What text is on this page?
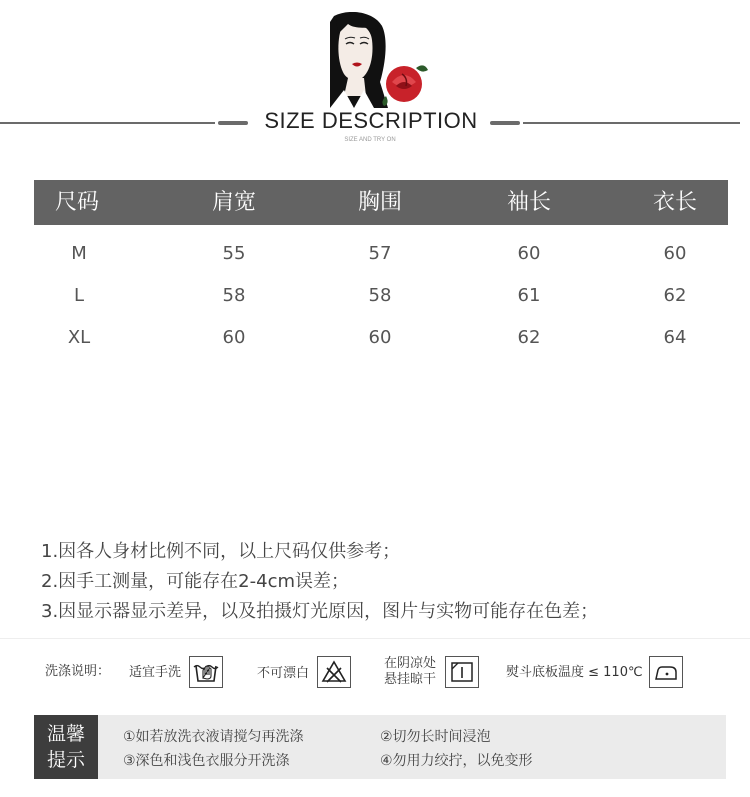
SIZE DESCRIPTION
SIZE AND TRY ON
尺码	肩宽	胸围	袖长	衣长
M	55	57	60	60
L	58	58	61	62
XL	60	60	62	64
1.因各人身材比例不同，以上尺码仅供参考；
2.因手工测量，可能存在2-4cm误差；
3.因显示器显示差异，以及拍摄灯光原因，图片与实物可能存在色差；
洗涤说明： 适宜手洗	不可漂白
在阴凉处
悬挂晾干	熨斗底板温度 ≤ 110℃
温馨
提示
①如若放洗衣液请搅匀再洗涤	②切勿长时间浸泡
③深色和浅色衣服分开洗涤	④勿用力绞拧，以免变形
